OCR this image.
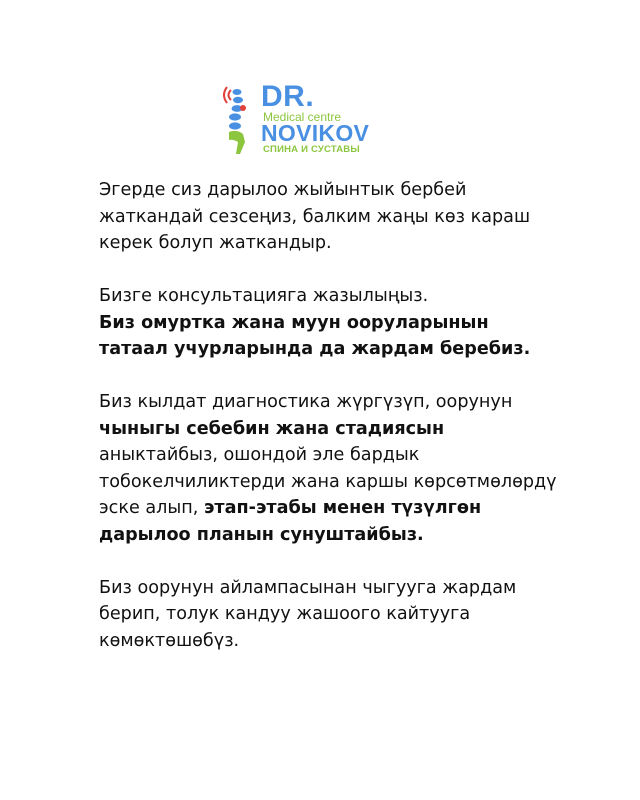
DR.
Medical centre
NOVIKOV
СПИНА И СУСТАВЫ

Эгерде сиз дарылоо жыйынтык бербей жаткандай сезсеңиз, балким жаңы көз караш керек болуп жаткандыр.

Бизге консультацияга жазылыңыз.
Биз омуртка жана муун ооруларынын татаал учурларында да жардам беребиз.

Биз кылдат диагностика жүргүзүп, оорунун чыныгы себебин жана стадиясын аныктайбыз, ошондой эле бардык тобокелчиликтерди жана каршы көрсөтмөлөрдү эске алып, этап-этабы менен түзүлгөн дарылоо планын сунуштайбыз.

Биз оорунун айлампасынан чыгууга жардам берип, толук кандуу жашоого кайтууга көмөктөшөбүз.
